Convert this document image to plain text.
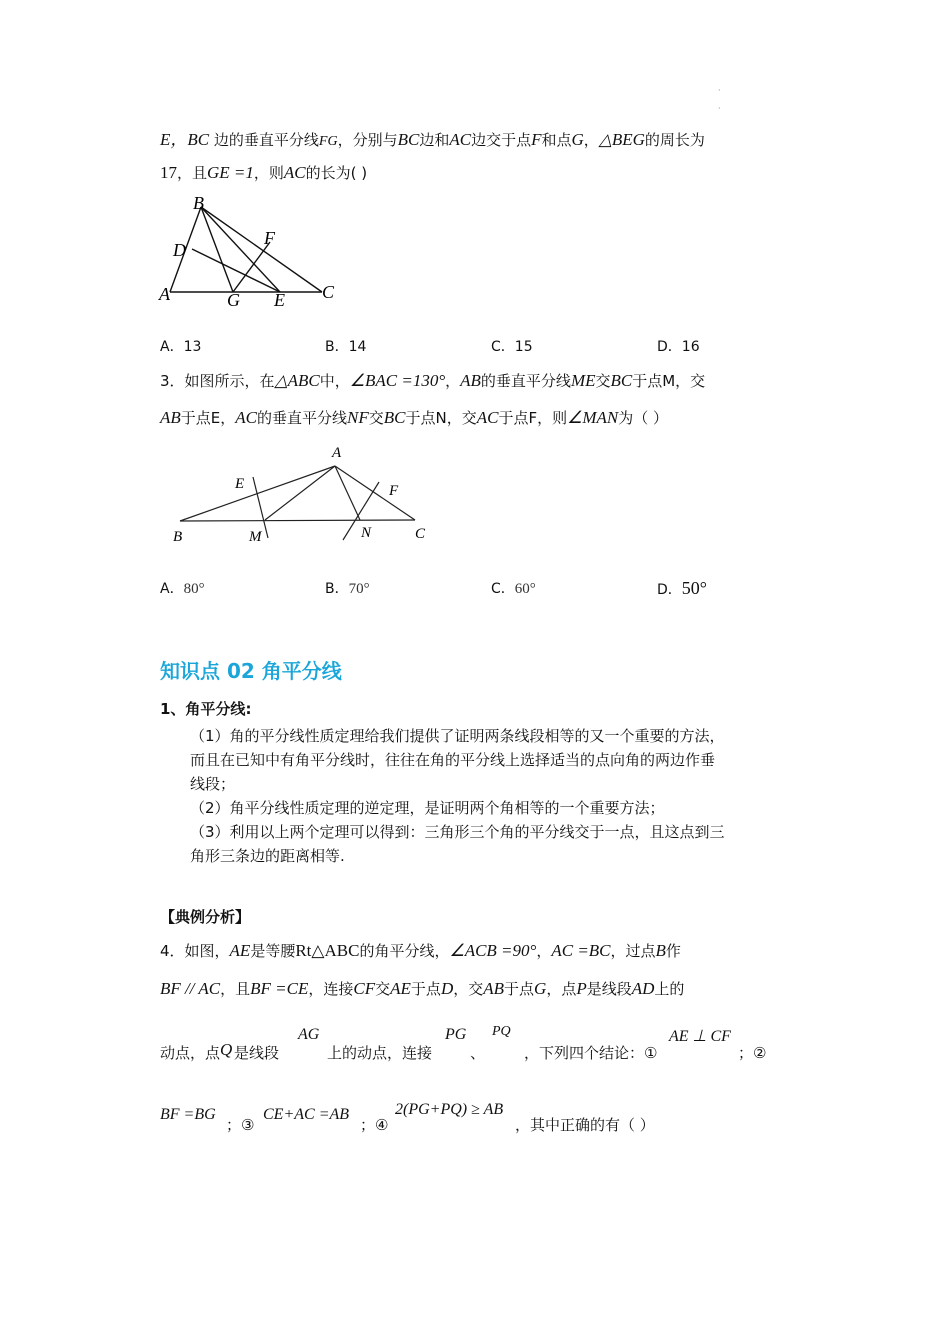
·
·
E，BC 边的垂直平分线FG，分别与BC边和AC边交于点F和点G，△BEG的周长为
17，且GE =1，则AC的长为( )
B
D
F
A	G E C
A．13	B．14	C．15	D．16
3．如图所示，在△ABC中，∠BAC =130°，AB的垂直平分线ME交BC于点M，交
AB于点E，AC的垂直平分线NF交BC于点N，交AC于点F，则∠MAN为（ ）
A
E	F
B	M	N	C
A．80°	B．70°	C．60°	D．50°
知识点 02 角平分线
1、角平分线:
（1）角的平分线性质定理给我们提供了证明两条线段相等的又一个重要的方法，
而且在已知中有角平分线时，往往在角的平分线上选择适当的点向角的两边作垂
线段；
（2）角平分线性质定理的逆定理，是证明两个角相等的一个重要方法；
（3）利用以上两个定理可以得到：三角形三个角的平分线交于一点，且这点到三
角形三条边的距离相等.
【典例分析】
4．如图，AE是等腰Rt△ABC的角平分线，∠ACB =90°，AC =BC，过点B作
BF // AC，且BF =CE，连接CF交AE于点D，交AB于点G，点P是线段AD上的
动点，点 Q 是线段
AG
上的动点，连接
PG
、
PQ
，下列四个结论：①
AE ⊥ CF
；②
BF =BG
；③
CE+AC =AB
；④
2(PG+PQ) ≥ AB
，其中正确的有（ ）
